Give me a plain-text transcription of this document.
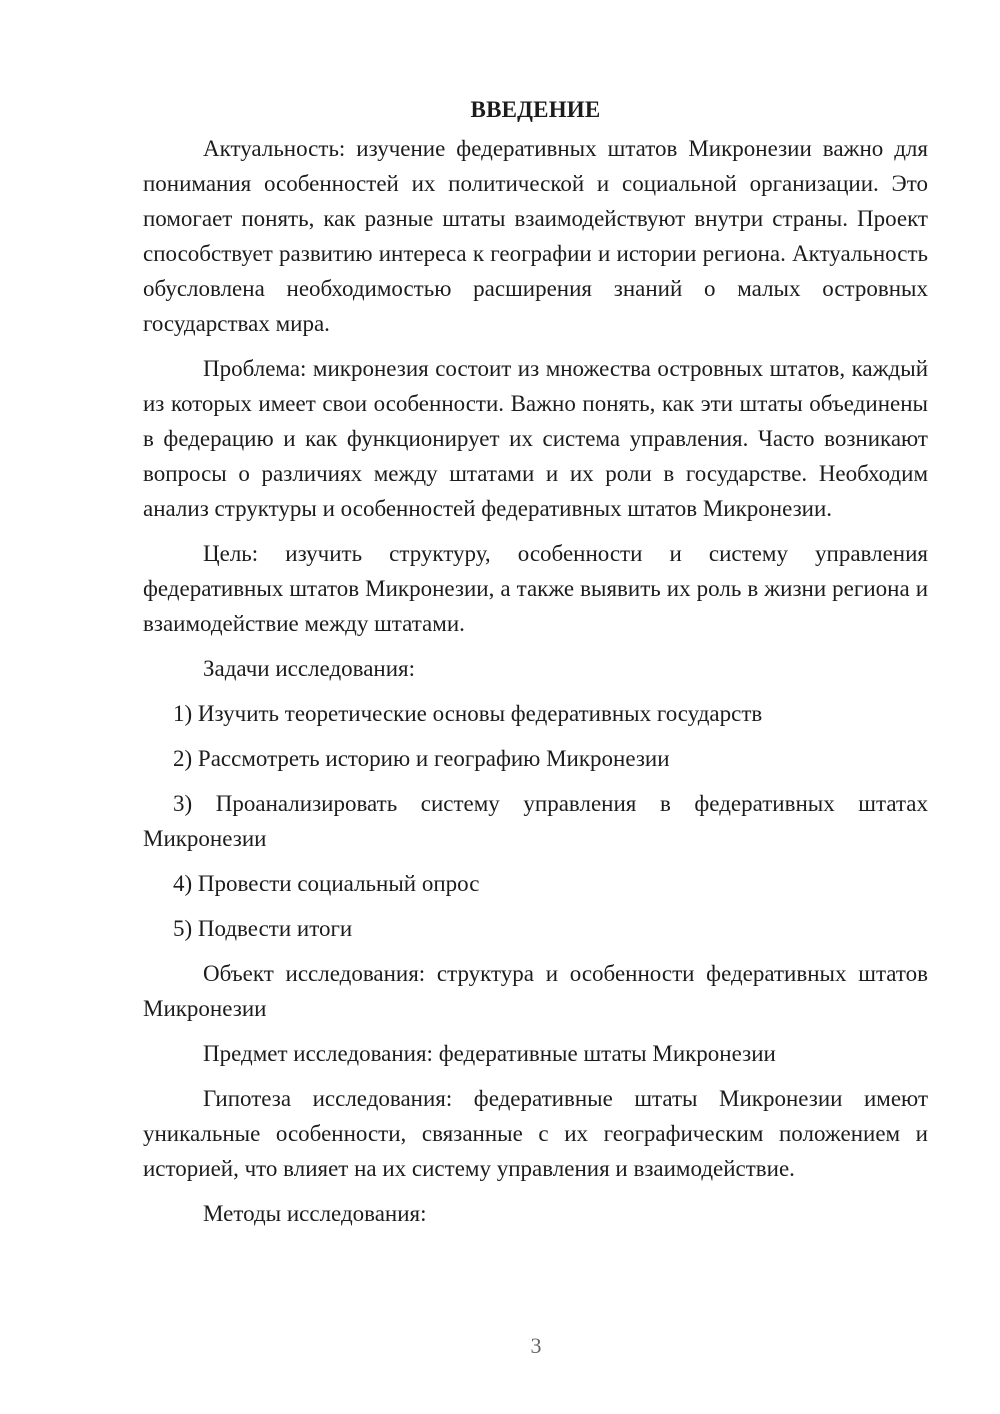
ВВЕДЕНИЕ

Актуальность: изучение федеративных штатов Микронезии важно для понимания особенностей их политической и социальной организации. Это помогает понять, как разные штаты взаимодействуют внутри страны. Проект способствует развитию интереса к географии и истории региона. Актуальность обусловлена необходимостью расширения знаний о малых островных государствах мира.

Проблема: микронезия состоит из множества островных штатов, каждый из которых имеет свои особенности. Важно понять, как эти штаты объединены в федерацию и как функционирует их система управления. Часто возникают вопросы о различиях между штатами и их роли в государстве. Необходим анализ структуры и особенностей федеративных штатов Микронезии.

Цель: изучить структуру, особенности и систему управления федеративных штатов Микронезии, а также выявить их роль в жизни региона и взаимодействие между штатами.

Задачи исследования:

1) Изучить теоретические основы федеративных государств

2) Рассмотреть историю и географию Микронезии

3) Проанализировать систему управления в федеративных штатах Микронезии

4) Провести социальный опрос

5) Подвести итоги

Объект исследования: структура и особенности федеративных штатов Микронезии

Предмет исследования: федеративные штаты Микронезии

Гипотеза исследования: федеративные штаты Микронезии имеют уникальные особенности, связанные с их географическим положением и историей, что влияет на их систему управления и взаимодействие.

Методы исследования:

3
